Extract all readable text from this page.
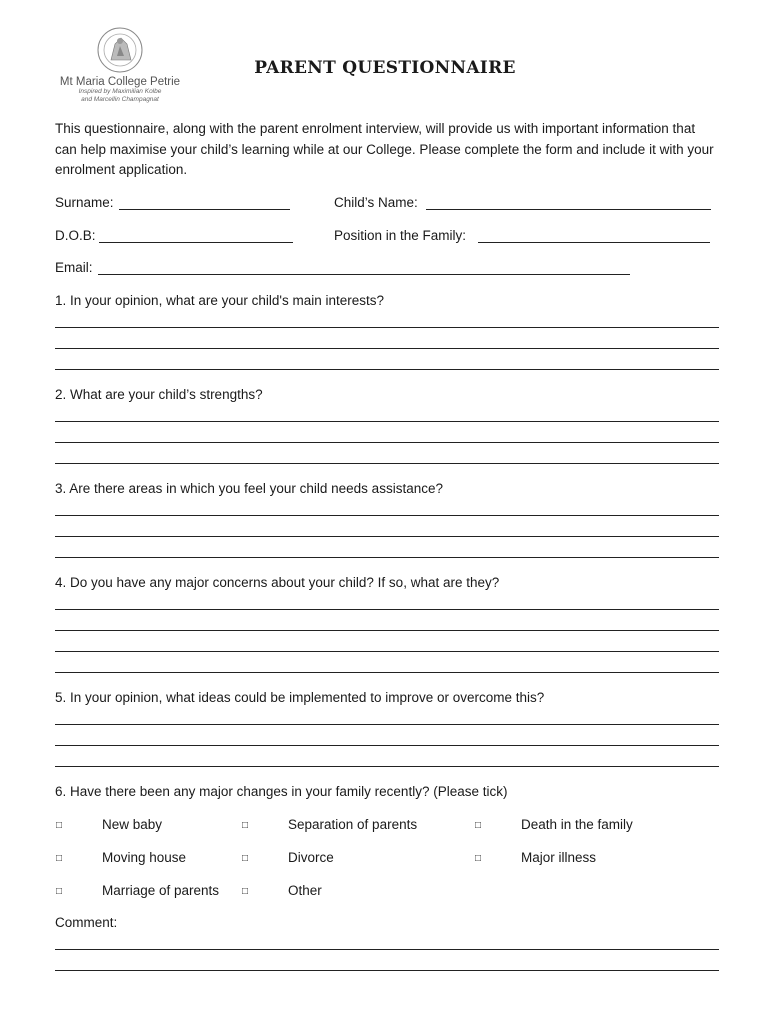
Mt Maria College Petrie
Inspired by Maximilian Kolbe
and Marcellin Champagnat
PARENT QUESTIONNAIRE
This questionnaire, along with the parent enrolment interview, will provide us with important information that can help maximise your child’s learning while at our College. Please complete the form and include it with your enrolment application.
Surname:	Child’s Name:
D.O.B:	Position in the Family:
Email:
1. In your opinion, what are your child's main interests?
2. What are your child’s strengths?
3. Are there areas in which you feel your child needs assistance?
4. Do you have any major concerns about your child? If so, what are they?
5. In your opinion, what ideas could be implemented to improve or overcome this?
6. Have there been any major changes in your family recently? (Please tick)
□	New baby	□	Separation of parents	□	Death in the family
□	Moving house	□	Divorce	□	Major illness
□	Marriage of parents □	Other
Comment:
